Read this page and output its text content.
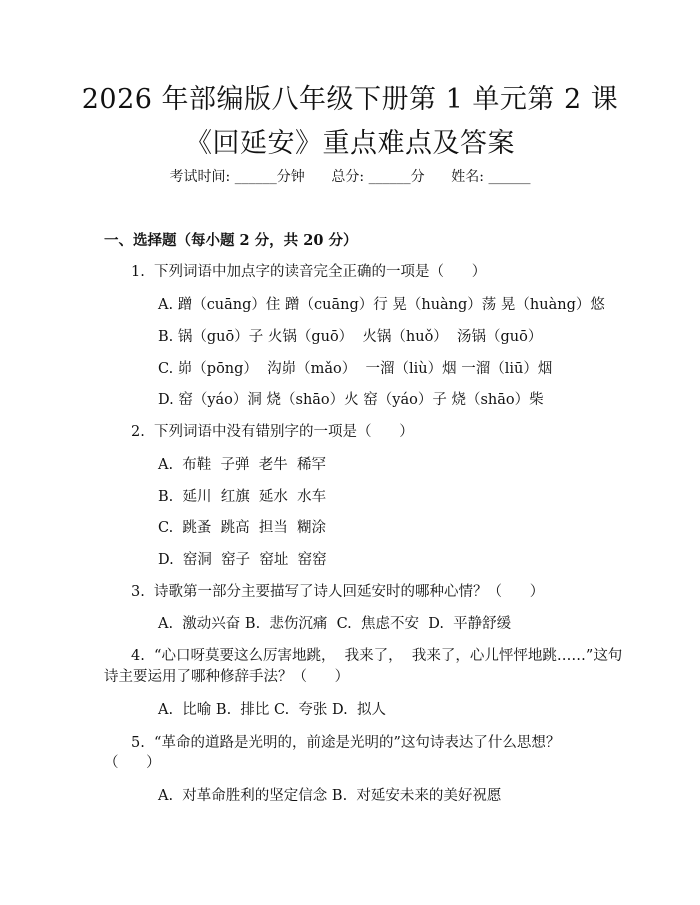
2026 年部编版八年级下册第 1 单元第 2 课
《回延安》重点难点及答案
考试时间: ______分钟      总分: ______分      姓名: ______
一、选择题（每小题 2 分，共 20 分）
1.  下列词语中加点字的读音完全正确的一项是（      ）
A. 蹭（cuāng）住 蹭（cuāng）行 晃（huàng）荡 晃（huàng）悠
B. 锅（guō）子 火锅（guō）  火锅（huǒ）  汤锅（guō）
C. 峁（pōng）  沟峁（mǎo）  一溜（liù）烟 一溜（liū）烟
D. 窑（yáo）洞 烧（shāo）火 窑（yáo）子 烧（shāo）柴
2.  下列词语中没有错别字的一项是（      ）
A.  布鞋  子弹  老牛  稀罕
B.  延川  红旗  延水  水车
C.  跳蚤  跳高  担当  糊涂
D.  窑洞  窑子  窑址  窑窑
3.  诗歌第一部分主要描写了诗人回延安时的哪种心情？（      ）
A.  激动兴奋 B.  悲伤沉痛  C.  焦虑不安  D.  平静舒缓
4.  “心口呀莫要这么厉害地跳，  我来了，  我来了，心儿怦怦地跳……”这句
诗主要运用了哪种修辞手法？（      ）
A.  比喻 B.  排比 C.  夸张 D.  拟人
5.  “革命的道路是光明的，前途是光明的”这句诗表达了什么思想？
（      ）
A.  对革命胜利的坚定信念 B.  对延安未来的美好祝愿
